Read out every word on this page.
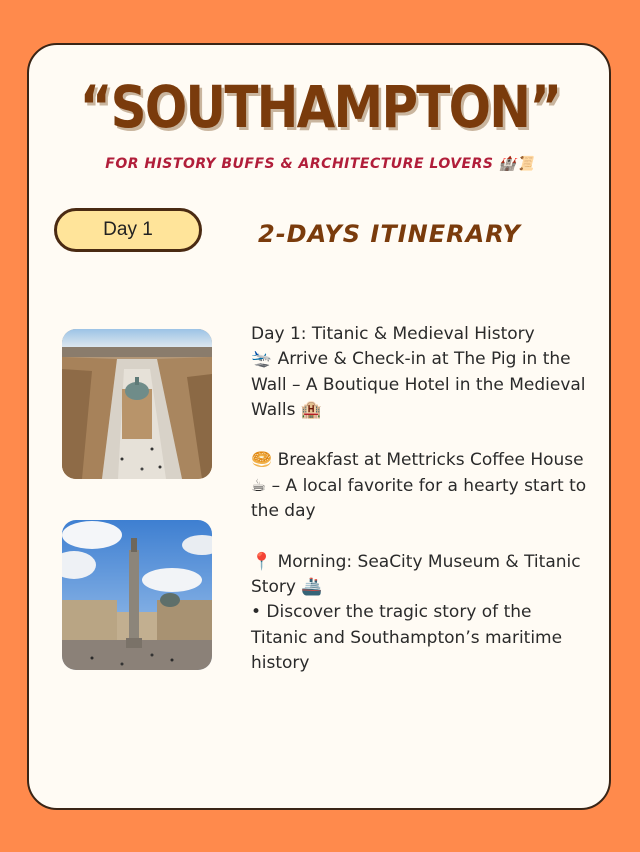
“SOUTHAMPTON”
FOR HISTORY BUFFS & ARCHITECTURE LOVERS 🏰📜
Day 1	2-DAYS ITINERARY

Day 1: Titanic & Medieval History

🛬 Arrive & Check-in at The Pig in the Wall – A Boutique Hotel in the Medieval Walls 🏨

🥯 Breakfast at Mettricks Coffee House ☕ – A local favorite for a hearty start to the day

📍 Morning: SeaCity Museum & Titanic Story 🚢

• Discover the tragic story of the Titanic and Southampton’s maritime history
